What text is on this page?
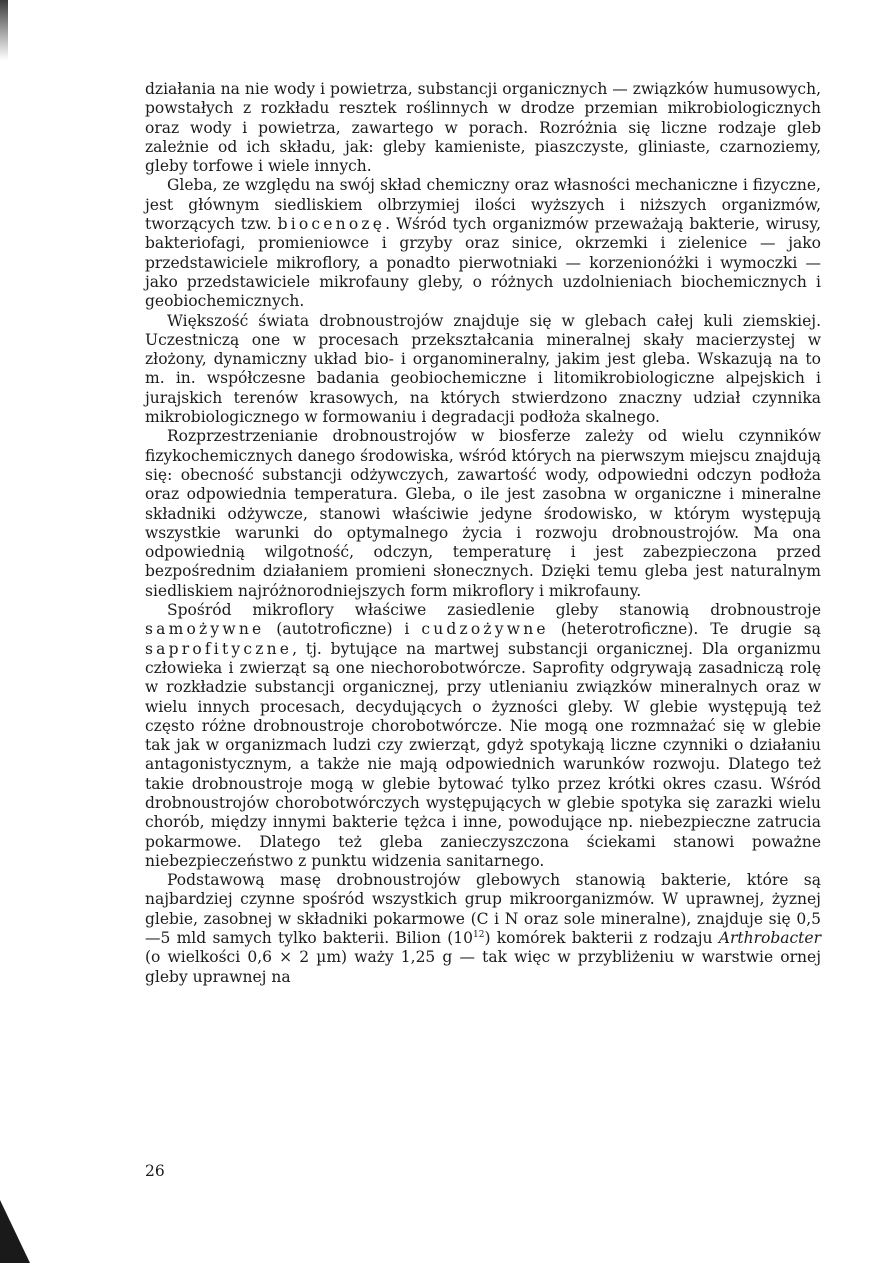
działania na nie wody i powietrza, substancji organicznych — związków humusowych, powstałych z rozkładu resztek roślinnych w drodze przemian mikrobiologicznych oraz wody i powietrza, zawartego w porach. Rozróżnia się liczne rodzaje gleb zależnie od ich składu, jak: gleby kamieniste, piaszczyste, gliniaste, czarnoziemy, gleby torfowe i wiele innych.

Gleba, ze względu na swój skład chemiczny oraz własności mechaniczne i fizyczne, jest głównym siedliskiem olbrzymiej ilości wyższych i niższych organizmów, tworzących tzw. biocenozę. Wśród tych organizmów przeważają bakterie, wirusy, bakteriofagi, promieniowce i grzyby oraz sinice, okrzemki i zielenice — jako przedstawiciele mikroflory, a ponadto pierwotniaki — korzenionóżki i wymoczki — jako przedstawiciele mikrofauny gleby, o różnych uzdolnieniach biochemicznych i geobiochemicznych.

Większość świata drobnoustrojów znajduje się w glebach całej kuli ziemskiej. Uczestniczą one w procesach przekształcania mineralnej skały macierzystej w złożony, dynamiczny układ bio- i organomineralny, jakim jest gleba. Wskazują na to m. in. współczesne badania geobiochemiczne i litomikrobiologiczne alpejskich i jurajskich terenów krasowych, na których stwierdzono znaczny udział czynnika mikrobiologicznego w formowaniu i degradacji podłoża skalnego.

Rozprzestrzenianie drobnoustrojów w biosferze zależy od wielu czynników fizykochemicznych danego środowiska, wśród których na pierwszym miejscu znajdują się: obecność substancji odżywczych, zawartość wody, odpowiedni odczyn podłoża oraz odpowiednia temperatura. Gleba, o ile jest zasobna w organiczne i mineralne składniki odżywcze, stanowi właściwie jedyne środowisko, w którym występują wszystkie warunki do optymalnego życia i rozwoju drobnoustrojów. Ma ona odpowiednią wilgotność, odczyn, temperaturę i jest zabezpieczona przed bezpośrednim działaniem promieni słonecznych. Dzięki temu gleba jest naturalnym siedliskiem najróżnorodniejszych form mikroflory i mikrofauny.

Spośród mikroflory właściwe zasiedlenie gleby stanowią drobnoustroje samożywne (autotroficzne) i cudzożywne (heterotroficzne). Te drugie są saprofityczne, tj. bytujące na martwej substancji organicznej. Dla organizmu człowieka i zwierząt są one niechorobotwórcze. Saprofity odgrywają zasadniczą rolę w rozkładzie substancji organicznej, przy utlenianiu związków mineralnych oraz w wielu innych procesach, decydujących o żyzności gleby. W glebie występują też często różne drobnoustroje chorobotwórcze. Nie mogą one rozmnażać się w glebie tak jak w organizmach ludzi czy zwierząt, gdyż spotykają liczne czynniki o działaniu antagonistycznym, a także nie mają odpowiednich warunków rozwoju. Dlatego też takie drobnoustroje mogą w glebie bytować tylko przez krótki okres czasu. Wśród drobnoustrojów chorobotwórczych występujących w glebie spotyka się zarazki wielu chorób, między innymi bakterie tężca i inne, powodujące np. niebezpieczne zatrucia pokarmowe. Dlatego też gleba zanieczyszczona ściekami stanowi poważne niebezpieczeństwo z punktu widzenia sanitarnego.

Podstawową masę drobnoustrojów glebowych stanowią bakterie, które są najbardziej czynne spośród wszystkich grup mikroorganizmów. W uprawnej, żyznej glebie, zasobnej w składniki pokarmowe (C i N oraz sole mineralne), znajduje się 0,5—5 mld samych tylko bakterii. Bilion $(10^{12})$ komórek bakterii z rodzaju Arthrobacter (o wielkości 0,6 × 2 µm) waży 1,25 g — tak więc w przybliżeniu w warstwie ornej gleby uprawnej na

26
